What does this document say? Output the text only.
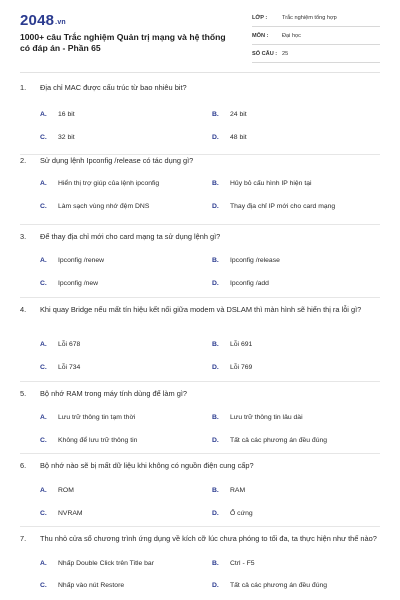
2048.vn
1000+ câu Trắc nghiệm Quản trị mạng và hệ thống có đáp án - Phần 65
LỚP :	Trắc nghiệm tổng hợp
MÔN : Đại học
SỐ CÂU : 25
1. Địa chỉ MAC được cấu trúc từ bao nhiêu bit?
A. 16 bit	B. 24 bit
C. 32 bit	D. 48 bit
2. Sử dụng lệnh Ipconfig /release có tác dụng gì?
A. Hiển thị trợ giúp của lệnh ipconfig	B. Hủy bỏ cấu hình IP hiện tại
C. Làm sạch vùng nhớ đệm DNS	D. Thay địa chỉ IP mới cho card mạng
3. Để thay địa chỉ mới cho card mạng ta sử dụng lệnh gì?
A. Ipconfig /renew	B. Ipconfig /release
C. Ipconfig /new	D. Ipconfig /add
4. Khi quay Bridge nếu mất tín hiệu kết nối giữa modem và DSLAM thì màn hình sẽ hiển thị ra lỗi gì?
A. Lỗi 678	B. Lỗi 691
C. Lỗi 734	D. Lỗi 769
5. Bộ nhớ RAM trong máy tính dùng để làm gì?
A. Lưu trữ thông tin tạm thời	B. Lưu trữ thông tin lâu dài
C. Không để lưu trữ thông tin	D. Tất cả các phương án đều đúng
6. Bộ nhớ nào sẽ bị mất dữ liệu khi không có nguồn điện cung cấp?
A. ROM	B. RAM
C. NVRAM	D. Ổ cứng
7. Thu nhỏ cửa sổ chương trình ứng dụng về kích cỡ lúc chưa phóng to tối đa, ta thực hiện như thế nào?
A. Nhấp Double Click trên Title bar	B. Ctrl - F5
C. Nhấp vào nút Restore	D. Tất cả các phương án đều đúng
